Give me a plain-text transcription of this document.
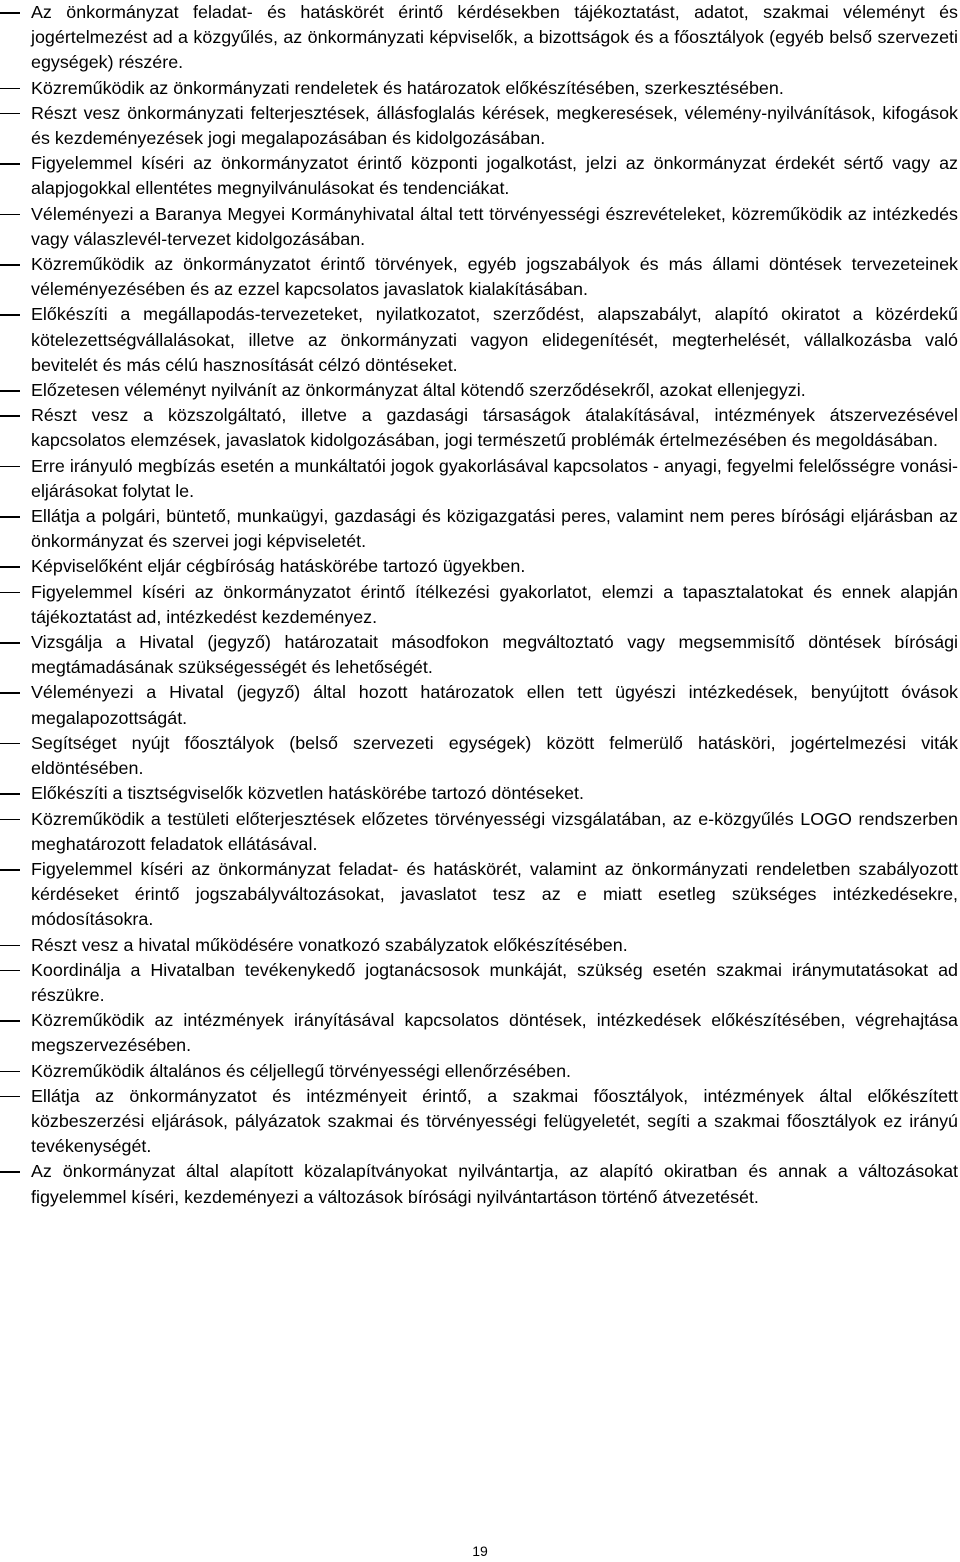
Az önkormányzat feladat- és hatáskörét érintő kérdésekben tájékoztatást, adatot, szakmai véleményt és jogértelmezést ad a közgyűlés, az önkormányzati képviselők, a bizottságok és a főosztályok (egyéb belső szervezeti egységek) részére.
Közreműködik az önkormányzati rendeletek és határozatok előkészítésében, szerkesztésében.
Részt vesz önkormányzati felterjesztések, állásfoglalás kérések, megkeresések, vélemény-nyilvánítások, kifogások és kezdeményezések jogi megalapozásában és kidolgozásában.
Figyelemmel kíséri az önkormányzatot érintő központi jogalkotást, jelzi az önkormányzat érdekét sértő vagy az alapjogokkal ellentétes megnyilvánulásokat és tendenciákat.
Véleményezi a Baranya Megyei Kormányhivatal által tett törvényességi észrevételeket, közreműködik az intézkedés vagy válaszlevél-tervezet kidolgozásában.
Közreműködik az önkormányzatot érintő törvények, egyéb jogszabályok és más állami döntések tervezeteinek véleményezésében és az ezzel kapcsolatos javaslatok kialakításában.
Előkészíti a megállapodás-tervezeteket, nyilatkozatot, szerződést, alapszabályt, alapító okiratot a közérdekű kötelezettségvállalásokat, illetve az önkormányzati vagyon elidegenítését, megterhelését, vállalkozásba való bevitelét és más célú hasznosítását célzó döntéseket.
Előzetesen véleményt nyilvánít az önkormányzat által kötendő szerződésekről, azokat ellenjegyzi.
Részt vesz a közszolgáltató, illetve a gazdasági társaságok átalakításával, intézmények átszervezésével kapcsolatos elemzések, javaslatok kidolgozásában, jogi természetű problémák értelmezésében és megoldásában.
Erre irányuló megbízás esetén a munkáltatói jogok gyakorlásával kapcsolatos - anyagi, fegyelmi felelősségre vonási-eljárásokat folytat le.
Ellátja a polgári, büntető, munkaügyi, gazdasági és közigazgatási peres, valamint nem peres bírósági eljárásban az önkormányzat és szervei jogi képviseletét.
Képviselőként eljár cégbíróság hatáskörébe tartozó ügyekben.
Figyelemmel kíséri az önkormányzatot érintő ítélkezési gyakorlatot, elemzi a tapasztalatokat és ennek alapján tájékoztatást ad, intézkedést kezdeményez.
Vizsgálja a Hivatal (jegyző) határozatait másodfokon megváltoztató vagy megsemmisítő döntések bírósági megtámadásának szükségességét és lehetőségét.
Véleményezi a Hivatal (jegyző) által hozott határozatok ellen tett ügyészi intézkedések, benyújtott óvások megalapozottságát.
Segítséget nyújt főosztályok (belső szervezeti egységek) között felmerülő hatásköri, jogértelmezési viták eldöntésében.
Előkészíti a tisztségviselők közvetlen hatáskörébe tartozó döntéseket.
Közreműködik a testületi előterjesztések előzetes törvényességi vizsgálatában, az e-közgyűlés LOGO rendszerben meghatározott feladatok ellátásával.
Figyelemmel kíséri az önkormányzat feladat- és hatáskörét, valamint az önkormányzati rendeletben szabályozott kérdéseket érintő jogszabályváltozásokat, javaslatot tesz az e miatt esetleg szükséges intézkedésekre, módosításokra.
Részt vesz a hivatal működésére vonatkozó szabályzatok előkészítésében.
Koordinálja a Hivatalban tevékenykedő jogtanácsosok munkáját, szükség esetén szakmai iránymutatásokat ad részükre.
Közreműködik az intézmények irányításával kapcsolatos döntések, intézkedések előkészítésében, végrehajtása megszervezésében.
Közreműködik általános és céljellegű törvényességi ellenőrzésében.
Ellátja az önkormányzatot és intézményeit érintő, a szakmai főosztályok, intézmények által előkészített közbeszerzési eljárások, pályázatok szakmai és törvényességi felügyeletét, segíti a szakmai főosztályok ez irányú tevékenységét.
Az önkormányzat által alapított közalapítványokat nyilvántartja, az alapító okiratban és annak a változásokat figyelemmel kíséri, kezdeményezi a változások bírósági nyilvántartáson történő átvezetését.
19
